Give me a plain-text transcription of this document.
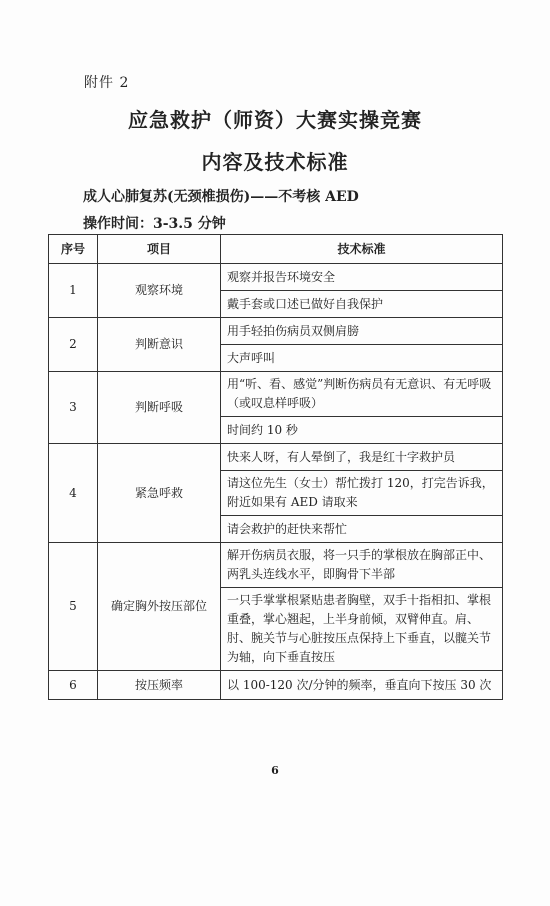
附件 2
应急救护（师资）大赛实操竞赛
内容及技术标准
成人心肺复苏(无颈椎损伤)——不考核 AED
操作时间：3-3.5 分钟
序号	项目	技术标准
1	观察环境	观察并报告环境安全
		戴手套或口述已做好自我保护
2	判断意识	用手轻拍伤病员双侧肩膀
		大声呼叫
3	判断呼吸	用“听、看、感觉”判断伤病员有无意识、有无呼吸（或叹息样呼吸）
		时间约 10 秒
4	紧急呼救	快来人呀，有人晕倒了，我是红十字救护员
		请这位先生（女士）帮忙拨打 120，打完告诉我，附近如果有 AED 请取来
		请会救护的赶快来帮忙
5	确定胸外按压部位	解开伤病员衣服，将一只手的掌根放在胸部正中、两乳头连线水平，即胸骨下半部
		一只手掌掌根紧贴患者胸壁，双手十指相扣、掌根重叠，掌心翘起，上半身前倾，双臂伸直。肩、肘、腕关节与心脏按压点保持上下垂直，以髋关节为轴，向下垂直按压
6	按压频率	以 100-120 次/分钟的频率，垂直向下按压 30 次
6
